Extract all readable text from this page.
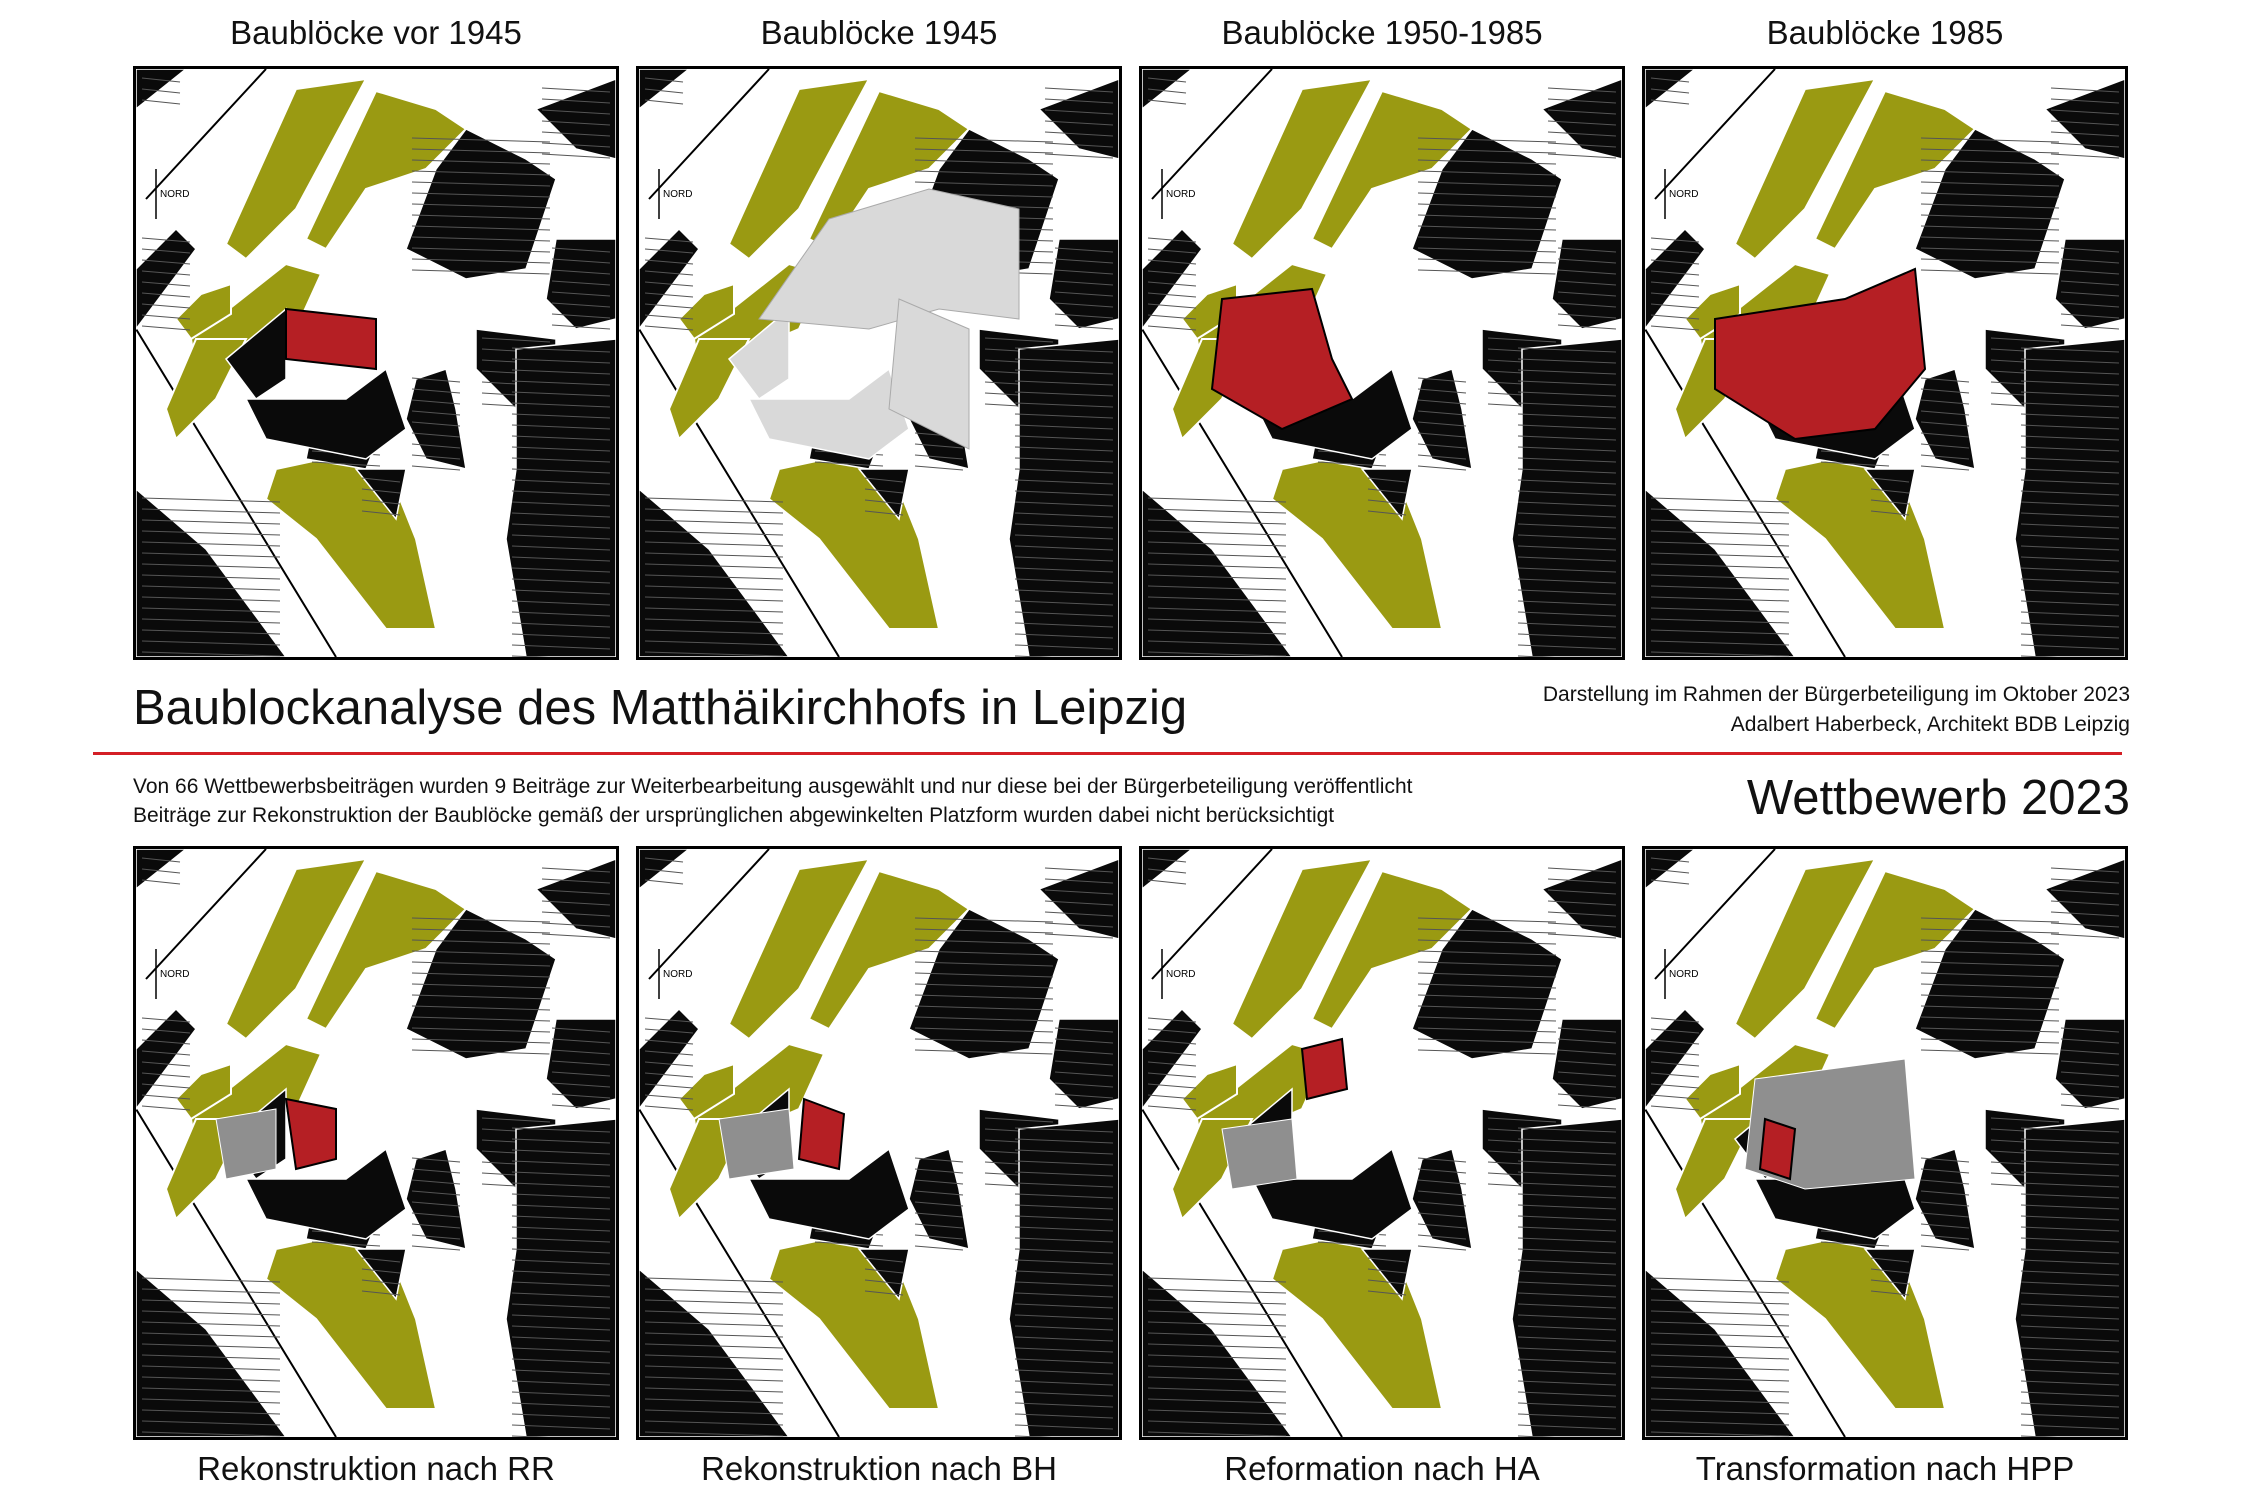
Baublöcke vor 1945	Baublöcke 1945	Baublöcke 1950-1985	Baublöcke 1985
NORD	NORD	NORD	NORD
Baublockanalyse des Matthäikirchhofs in Leipzig	Darstellung im Rahmen der Bürgerbeteiligung im Oktober 2023
Adalbert Haberbeck, Architekt BDB Leipzig
Von 66 Wettbewerbsbeiträgen wurden 9 Beiträge zur Weiterbearbeitung ausgewählt und nur diese bei der Bürgerbeteiligung veröffentlicht
Beiträge zur Rekonstruktion der Baublöcke gemäß der ursprünglichen abgewinkelten Platzform wurden dabei nicht berücksichtigt	Wettbewerb 2023
NORD	NORD	NORD	NORD
Rekonstruktion nach RR	Rekonstruktion nach BH	Reformation nach HA	Transformation nach HPP
